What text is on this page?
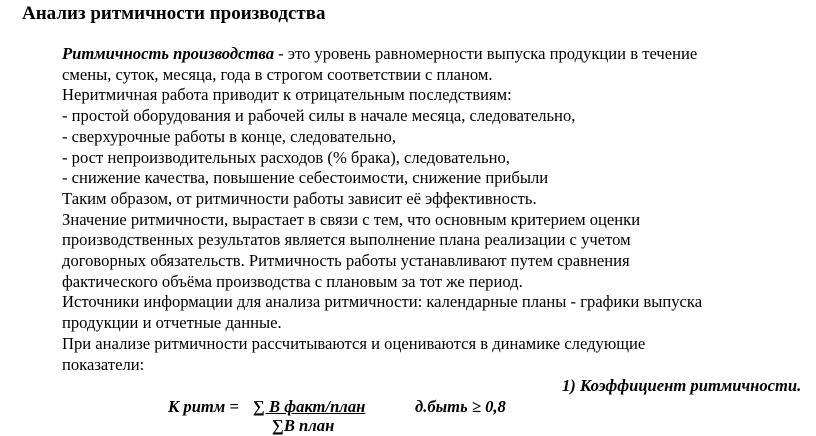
Анализ ритмичности производства
Ритмичность производства - это уровень равномерности выпуска продукции в течение
смены, суток, месяца, года в строгом соответствии с планом.
Неритмичная работа приводит к отрицательным последствиям:
- простой оборудования и рабочей силы в начале месяца, следовательно,
- сверхурочные работы в конце, следовательно,
- рост непроизводительных расходов (% брака), следовательно,
- снижение качества, повышение себестоимости, снижение прибыли
Таким образом, от ритмичности работы зависит её эффективность.
Значение ритмичности, вырастает в связи с тем, что основным критерием оценки
производственных результатов является выполнение плана реализации с учетом
договорных обязательств. Ритмичность работы устанавливают путем сравнения
фактического объёма производства с плановым за тот же период.
Источники информации для анализа ритмичности: календарные планы - графики выпуска
продукции и отчетные данные.
При анализе ритмичности рассчитываются и оцениваются в динамике следующие
показатели:
1) Коэффициент ритмичности.
К ритм = ∑ В факт/план	д.быть ≥ 0,8
∑В план
